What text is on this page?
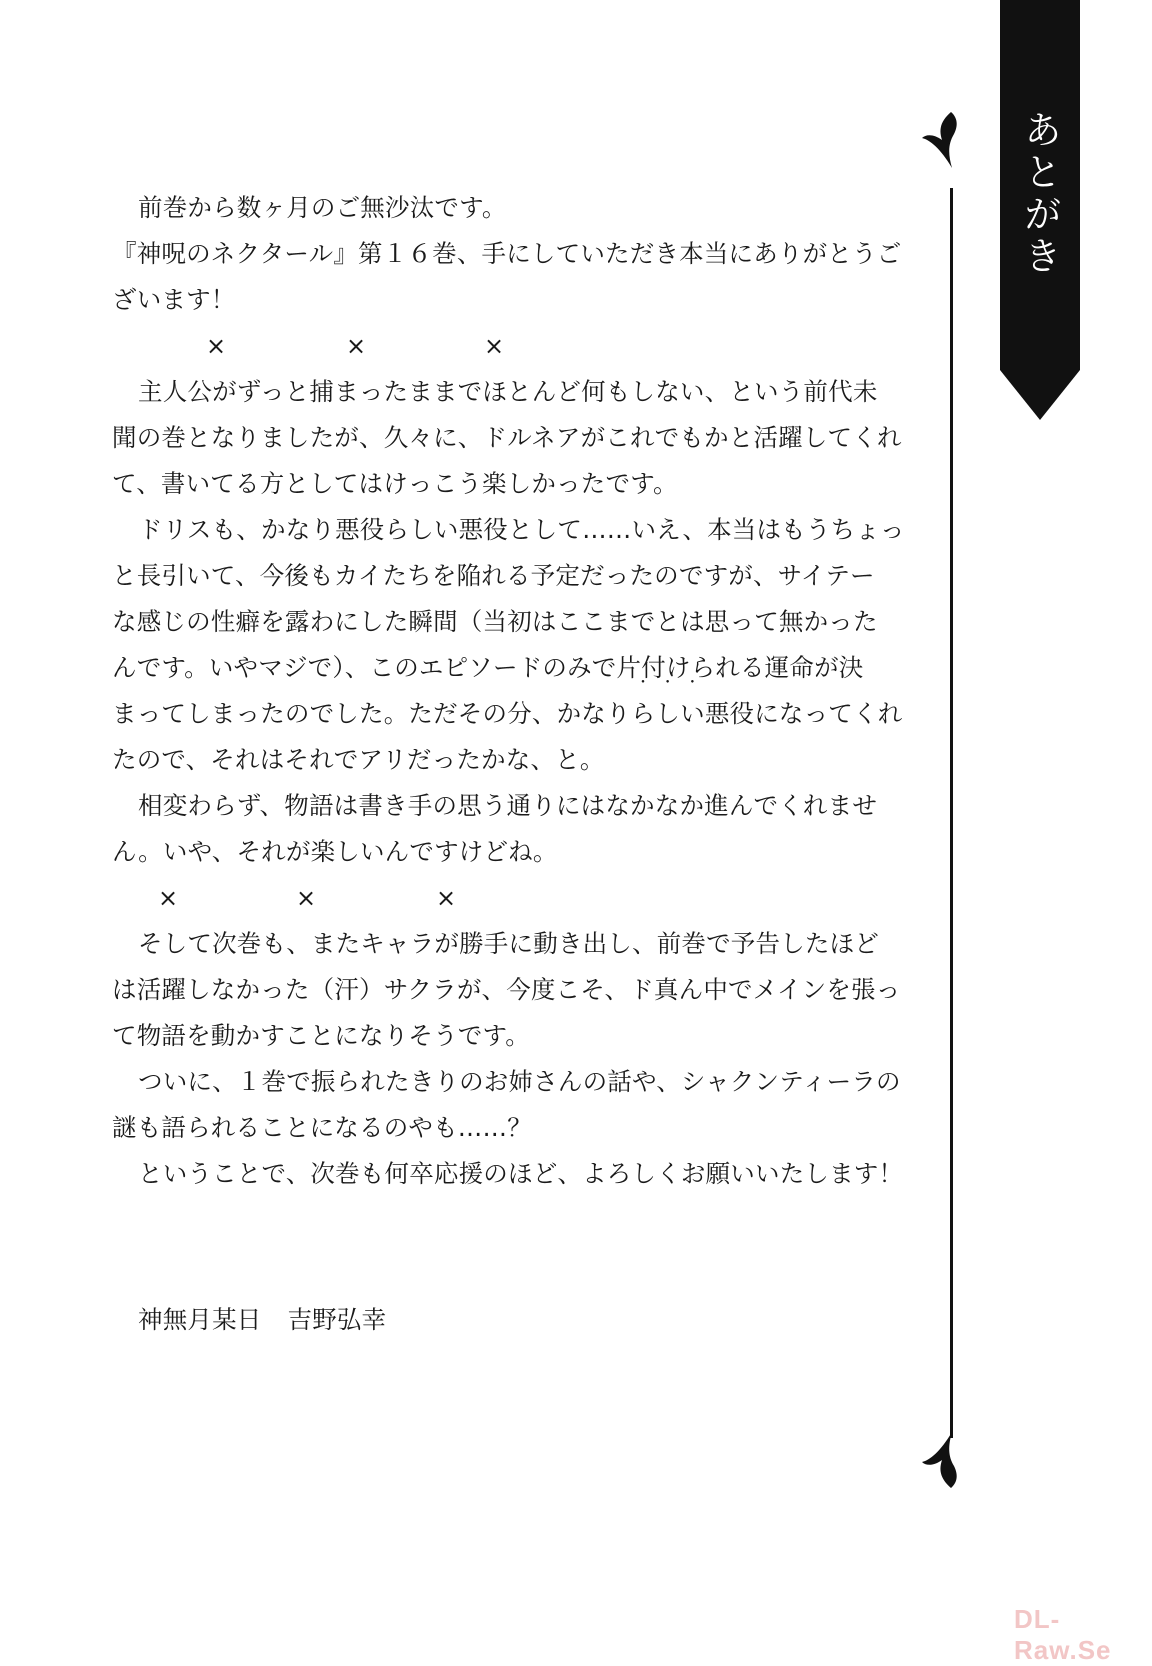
前巻から数ヶ月のご無沙汰です。
『神呪のネクタール』第１６巻、手にしていただき本当にありがとうご
ざいます！
×	×	×
主人公がずっと捕まったままでほとんど何もしない、という前代未
聞の巻となりましたが、久々に、ドルネアがこれでもかと活躍してくれ
て、書いてる方としてはけっこう楽しかったです。
ドリスも、かなり悪役らしい悪役として……いえ、本当はもうちょっ
と長引いて、今後もカイたちを陥れる予定だったのですが、サイテー
な感じの性癖を露わにした瞬間（当初はここまでとは思って無かった
んです。いやマジで）、このエピソードのみで片付けられる運命が決
まってしまったのでした。ただその分、かなり・ ら・ し・ い悪役になってくれ
たので、それはそれでアリだったかな、と。
相変わらず、物語は書き手の思う通りにはなかなか進んでくれませ
ん。いや、それが楽しいんですけどね。
×	×	×
そして次巻も、またキャラが勝手に動き出し、前巻で予告したほど
は活躍しなかった（汗）サクラが、今度こそ、ド真ん中でメインを張っ
て物語を動かすことになりそうです。
ついに、１巻で振られたきりのお姉さんの話や、シャクンティーラの
謎も語られることになるのやも……？
ということで、次巻も何卒応援のほど、よろしくお願いいたします！
神無月某日 吉野弘幸
あとがき
DL-Raw.Se
